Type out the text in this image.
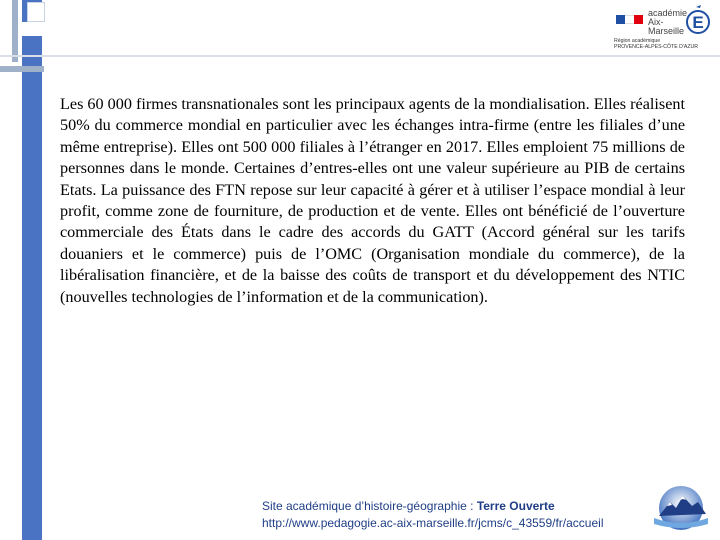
académie Aix-Marseille E
Région académique
PROVENCE-ALPES-CÔTE D'AZUR

Les 60 000 firmes transnationales sont les principaux agents de la mondialisation. Elles réalisent 50% du commerce mondial en particulier avec les échanges intra-firme (entre les filiales d’une même entreprise). Elles ont 500 000 filiales à l’étranger en 2017. Elles emploient 75 millions de personnes dans le monde. Certaines d’entres-elles ont une valeur supérieure au PIB de certains Etats. La puissance des FTN repose sur leur capacité à gérer et à utiliser l’espace mondial à leur profit, comme zone de fourniture, de production et de vente. Elles ont bénéficié de l’ouverture commerciale des États dans le cadre des accords du GATT (Accord général sur les tarifs douaniers et le commerce) puis de l’OMC (Organisation mondiale du commerce), de la libéralisation financière, et de la baisse des coûts de transport et du développement des NTIC (nouvelles technologies de l’information et de la communication).

Site académique d’histoire-géographie : Terre Ouverte
http://www.pedagogie.ac-aix-marseille.fr/jcms/c_43559/fr/accueil
